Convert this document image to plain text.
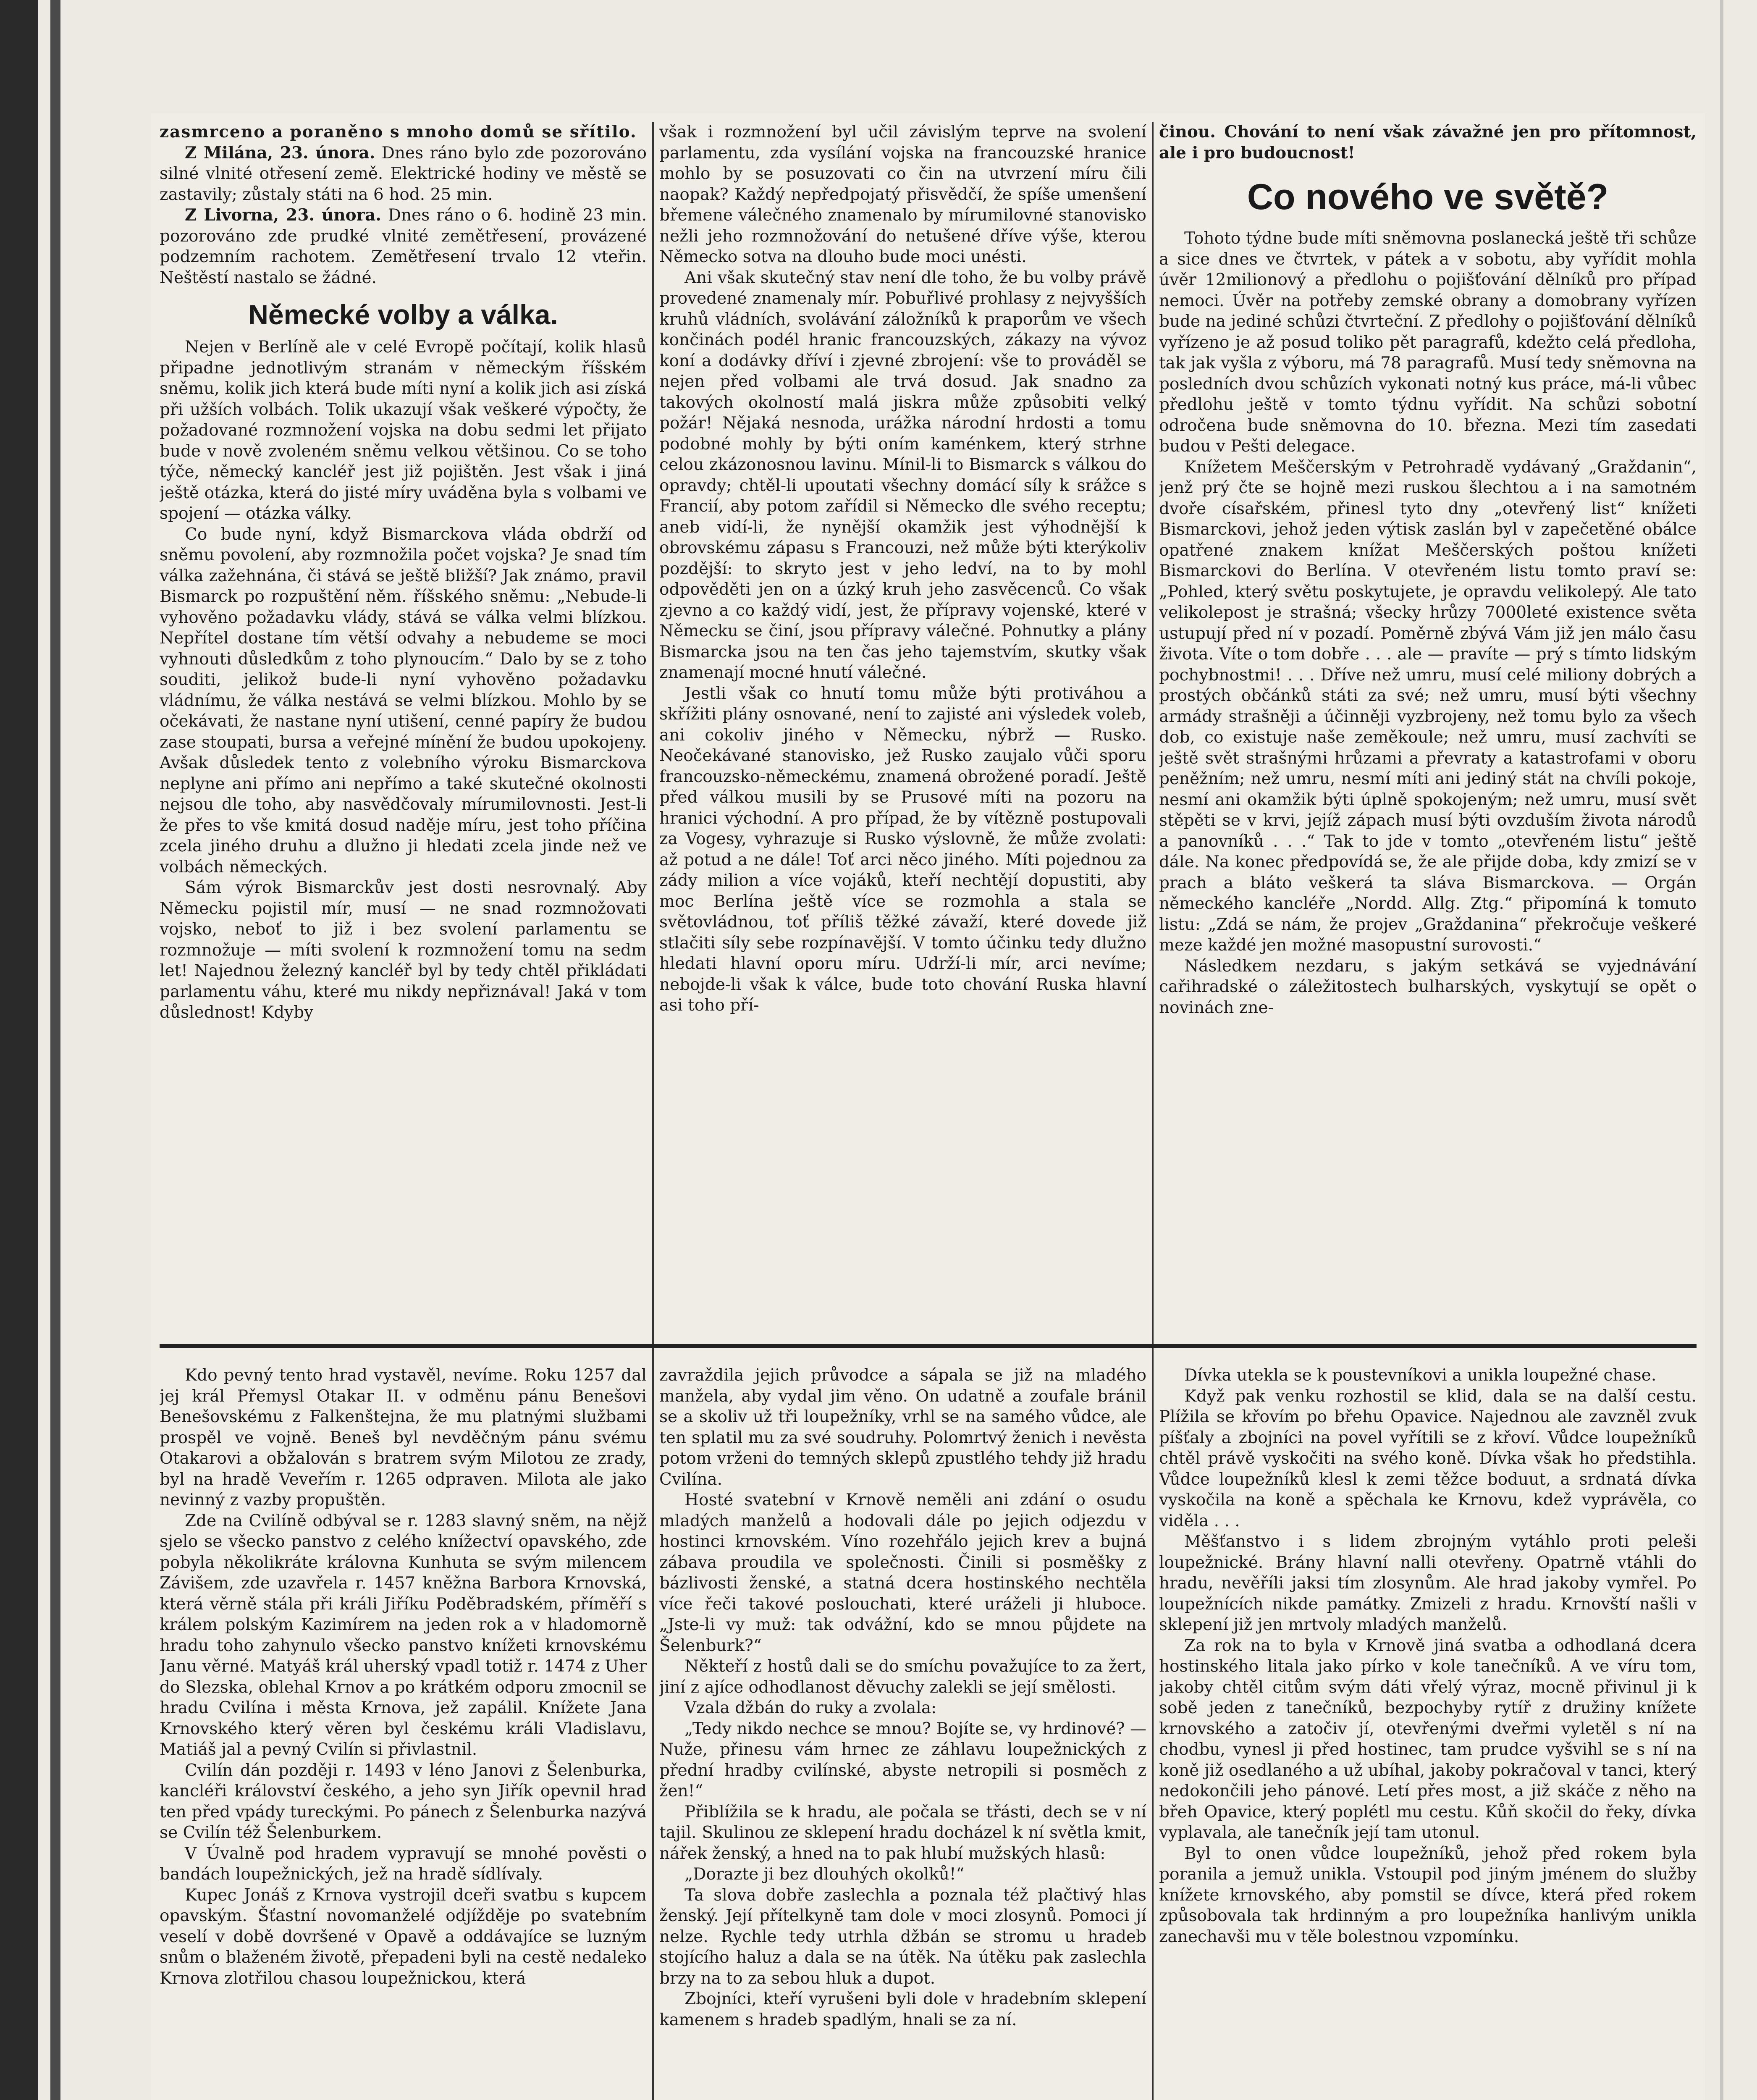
zasmrceno a poraněno s mnoho domů se sřítilo.

Z Milána, 23. února. Dnes ráno bylo zde pozorováno silné vlnité otřesení země. Elektrické hodiny ve městě se zastavily; zůstaly státi na 6 hod. 25 min.

Z Livorna, 23. února. Dnes ráno o 6. hodině 23 min. pozorováno zde prudké vlnité zemětřesení, provázené podzemním rachotem. Zemětřesení trvalo 12 vteřin. Neštěstí nastalo se žádné.

Německé volby a válka.

Nejen v Berlíně ale v celé Evropě počítají, kolik hlasů připadne jednotlivým stranám v německým říšském sněmu, kolik jich která bude míti nyní a kolik jich asi získá při užších volbách. Tolik ukazují však veškeré výpočty, že požadované rozmnožení vojska na dobu sedmi let přijato bude v nově zvoleném sněmu velkou většinou. Co se toho týče, německý kancléř jest již pojištěn. Jest však i jiná ještě otázka, která do jisté míry uváděna byla s volbami ve spojení — otázka války.

Co bude nyní, když Bismarckova vláda obdrží od sněmu povolení, aby rozmnožila počet vojska? Je snad tím válka zažehnána, či stává se ještě bližší? Jak známo, pravil Bismarck po rozpuštění něm. říšského sněmu: „Nebude-li vyhověno požadavku vlády, stává se válka velmi blízkou. Nepřítel dostane tím větší odvahy a nebudeme se moci vyhnouti důsledkům z toho plynoucím.“ Dalo by se z toho souditi, jelikož bude-li nyní vyhověno požadavku vládnímu, že válka nestává se velmi blízkou. Mohlo by se očekávati, že nastane nyní utišení, cenné papíry že budou zase stoupati, bursa a veřejné mínění že budou upokojeny. Avšak důsledek tento z volebního výroku Bismarckova neplyne ani přímo ani nepřímo a také skutečné okolnosti nejsou dle toho, aby nasvědčovaly mírumilovnosti. Jest-li že přes to vše kmitá dosud naděje míru, jest toho příčina zcela jiného druhu a dlužno ji hledati zcela jinde než ve volbách německých.

Sám výrok Bismarckův jest dosti nesrovnalý. Aby Německu pojistil mír, musí — ne snad rozmnožovati vojsko, neboť to již i bez svolení parlamentu se rozmnožuje — míti svolení k rozmnožení tomu na sedm let! Najednou železný kancléř byl by tedy chtěl přikládati parlamentu váhu, které mu nikdy nepřiznával! Jaká v tom důslednost! Kdyby

však i rozmnožení byl učil závislým teprve na svolení parlamentu, zda vysílání vojska na francouzské hranice mohlo by se posuzovati co čin na utvrzení míru čili naopak? Každý nepředpojatý přisvědčí, že spíše umenšení břemene válečného znamenalo by mírumilovné stanovisko nežli jeho rozmnožování do netušené dříve výše, kterou Německo sotva na dlouho bude moci unésti.

Ani však skutečný stav není dle toho, že bu volby právě provedené znamenaly mír. Pobuřlivé prohlasy z nejvyšších kruhů vládních, svolávání záložníků k praporům ve všech končinách podél hranic francouzských, zákazy na vývoz koní a dodávky dříví i zjevné zbrojení: vše to prováděl se nejen před volbami ale trvá dosud. Jak snadno za takových okolností malá jiskra může způsobiti velký požár! Nějaká nesnoda, urážka národní hrdosti a tomu podobné mohly by býti oním kaménkem, který strhne celou zkázonosnou lavinu. Mínil-li to Bismarck s válkou do opravdy; chtěl-li upoutati všechny domácí síly k srážce s Francií, aby potom zařídil si Německo dle svého receptu; aneb vidí-li, že nynější okamžik jest výhodnější k obrovskému zápasu s Francouzi, než může býti kterýkoliv pozdější: to skryto jest v jeho ledví, na to by mohl odpověděti jen on a úzký kruh jeho zasvěcenců. Co však zjevno a co každý vidí, jest, že přípravy vojenské, které v Německu se činí, jsou přípravy válečné. Pohnutky a plány Bismarcka jsou na ten čas jeho tajemstvím, skutky však znamenají mocné hnutí válečné.

Jestli však co hnutí tomu může býti protiváhou a skřížiti plány osnované, není to zajisté ani výsledek voleb, ani cokoliv jiného v Německu, nýbrž — Rusko. Neočekávané stanovisko, jež Rusko zaujalo vůči sporu francouzsko-německému, znamená obrožené poradí. Ještě před válkou musili by se Prusové míti na pozoru na hranici východní. A pro případ, že by vítězně postupovali za Vogesy, vyhrazuje si Rusko výslovně, že může zvolati: až potud a ne dále! Toť arci něco jiného. Míti pojednou za zády milion a více vojáků, kteří nechtějí dopustiti, aby moc Berlína ještě více se rozmohla a stala se světovládnou, toť příliš těžké závaží, které dovede již stlačiti síly sebe rozpínavější. V tomto účinku tedy dlužno hledati hlavní oporu míru. Udrží-li mír, arci nevíme; nebojde-li však k válce, bude toto chování Ruska hlavní asi toho pří-

činou. Chování to není však závažné jen pro přítomnost, ale i pro budoucnost!

Co nového ve světě?

Tohoto týdne bude míti sněmovna poslanecká ještě tři schůze a sice dnes ve čtvrtek, v pátek a v sobotu, aby vyřídit mohla úvěr 12milionový a předlohu o pojišťování dělníků pro případ nemoci. Úvěr na potřeby zemské obrany a domobrany vyřízen bude na jediné schůzi čtvrteční. Z předlohy o pojišťování dělníků vyřízeno je až posud toliko pět paragrafů, kdežto celá předloha, tak jak vyšla z výboru, má 78 paragrafů. Musí tedy sněmovna na posledních dvou schůzích vykonati notný kus práce, má-li vůbec předlohu ještě v tomto týdnu vyřídit. Na schůzi sobotní odročena bude sněmovna do 10. března. Mezi tím zasedati budou v Pešti delegace.

Knížetem Meščerským v Petrohradě vydávaný „Graždanin“, jenž prý čte se hojně mezi ruskou šlechtou a i na samotném dvoře císařském, přinesl tyto dny „otevřený list“ knížeti Bismarckovi, jehož jeden výtisk zaslán byl v zapečetěné obálce opatřené znakem knížat Meščerských poštou knížeti Bismarckovi do Berlína. V otevřeném listu tomto praví se: „Pohled, který světu poskytujete, je opravdu velikolepý. Ale tato velikolepost je strašná; všecky hrůzy 7000leté existence světa ustupují před ní v pozadí. Poměrně zbývá Vám již jen málo času života. Víte o tom dobře . . . ale — pravíte — prý s tímto lidským pochybnostmi! . . . Dříve než umru, musí celé miliony dobrých a prostých občánků státi za své; než umru, musí býti všechny armády strašněji a účinněji vyzbrojeny, než tomu bylo za všech dob, co existuje naše zeměkoule; než umru, musí zachvíti se ještě svět strašnými hrůzami a převraty a katastrofami v oboru peněžním; než umru, nesmí míti ani jediný stát na chvíli pokoje, nesmí ani okamžik býti úplně spokojeným; než umru, musí svět stěpěti se v krvi, jejíž zápach musí býti ovzduším života národů a panovníků . . .“ Tak to jde v tomto „otevřeném listu“ ještě dále. Na konec předpovídá se, že ale přijde doba, kdy zmizí se v prach a bláto veškerá ta sláva Bismarckova. — Orgán německého kancléře „Nordd. Allg. Ztg.“ připomíná k tomuto listu: „Zdá se nám, že projev „Graždanina“ překročuje veškeré meze každé jen možné masopustní surovosti.“

Následkem nezdaru, s jakým setkává se vyjednávání cařihradské o záležitostech bulharských, vyskytují se opět o novinách zne-

Kdo pevný tento hrad vystavěl, nevíme. Roku 1257 dal jej král Přemysl Otakar II. v odměnu pánu Benešovi Benešovskému z Falkenštejna, že mu platnými službami prospěl ve vojně. Beneš byl nevděčným pánu svému Otakarovi a obžalován s bratrem svým Milotou ze zrady, byl na hradě Veveřím r. 1265 odpraven. Milota ale jako nevinný z vazby propuštěn.

Zde na Cvilíně odbýval se r. 1283 slavný sněm, na nějž sjelo se všecko panstvo z celého knížectví opavského, zde pobyla několikráte královna Kunhuta se svým milencem Závišem, zde uzavřela r. 1457 kněžna Barbora Krnovská, která věrně stála při králi Jiříku Poděbradském, příměří s králem polským Kazimírem na jeden rok a v hladomorně hradu toho zahynulo všecko panstvo knížeti krnovskému Janu věrné. Matyáš král uherský vpadl totiž r. 1474 z Uher do Slezska, oblehal Krnov a po krátkém odporu zmocnil se hradu Cvilína i města Krnova, jež zapálil. Knížete Jana Krnovského který věren byl českému králi Vladislavu, Matiáš jal a pevný Cvilín si přivlastnil.

Cvilín dán později r. 1493 v léno Janovi z Šelenburka, kancléři království českého, a jeho syn Jiřík opevnil hrad ten před vpády tureckými. Po pánech z Šelenburka nazývá se Cvilín též Šelenburkem.

V Úvalně pod hradem vypravují se mnohé pověsti o bandách loupežnických, jež na hradě sídlívaly.

Kupec Jonáš z Krnova vystrojil dceři svatbu s kupcem opavským. Šťastní novomanželé odjížděje po svatebním veselí v době dovršené v Opavě a oddávajíce se luzným snům o blaženém životě, přepadeni byli na cestě nedaleko Krnova zlotřilou chasou loupežnickou, která

zavraždila jejich průvodce a sápala se již na mladého manžela, aby vydal jim věno. On udatně a zoufale bránil se a skoliv už tři loupežníky, vrhl se na samého vůdce, ale ten splatil mu za své soudruhy. Polomrtvý ženich i nevěsta potom vrženi do temných sklepů zpustlého tehdy již hradu Cvilína.

Hosté svatební v Krnově neměli ani zdání o osudu mladých manželů a hodovali dále po jejich odjezdu v hostinci krnovském. Víno rozehřálo jejich krev a bujná zábava proudila ve společnosti. Činili si posměšky z bázlivosti ženské, a statná dcera hostinského nechtěla více řeči takové poslouchati, které uráželi ji hluboce. „Jste-li vy muž: tak odvážní, kdo se mnou půjdete na Šelenburk?“

Někteří z hostů dali se do smíchu považujíce to za žert, jiní z ajíce odhodlanost děvuchy zalekli se její smělosti.

Vzala džbán do ruky a zvolala:

„Tedy nikdo nechce se mnou? Bojíte se, vy hrdinové? — Nuže, přinesu vám hrnec ze záhlavu loupežnických z přední hradby cvilínské, abyste netropili si posměch z žen!“

Přiblížila se k hradu, ale počala se třásti, dech se v ní tajil. Skulinou ze sklepení hradu docházel k ní světla kmit, nářek ženský, a hned na to pak hlubí mužských hlasů:

„Dorazte ji bez dlouhých okolků!“

Ta slova dobře zaslechla a poznala též plačtivý hlas ženský. Její přítelkyně tam dole v moci zlosynů. Pomoci jí nelze. Rychle tedy utrhla džbán se stromu u hradeb stojícího haluz a dala se na útěk. Na útěku pak zaslechla brzy na to za sebou hluk a dupot.

Zbojníci, kteří vyrušeni byli dole v hradebním sklepení kamenem s hradeb spadlým, hnali se za ní.

Dívka utekla se k poustevníkovi a unikla loupežné chase.

Když pak venku rozhostil se klid, dala se na další cestu. Plížila se křovím po břehu Opavice. Najednou ale zavzněl zvuk píšťaly a zbojníci na povel vyřítili se z křoví. Vůdce loupežníků chtěl právě vyskočiti na svého koně. Dívka však ho předstihla. Vůdce loupežníků klesl k zemi těžce boduut, a srdnatá dívka vyskočila na koně a spěchala ke Krnovu, kdež vyprávěla, co viděla . . .

Měšťanstvo i s lidem zbrojným vytáhlo proti peleši loupežnické. Brány hlavní nalli otevřeny. Opatrně vtáhli do hradu, nevěříli jaksi tím zlosynům. Ale hrad jakoby vymřel. Po loupežnících nikde památky. Zmizeli z hradu. Krnovští našli v sklepení již jen mrtvoly mladých manželů.

Za rok na to byla v Krnově jiná svatba a odhodlaná dcera hostinského litala jako pírko v kole tanečníků. A ve víru tom, jakoby chtěl citům svým dáti vřelý výraz, mocně přivinul ji k sobě jeden z tanečníků, bezpochyby rytíř z družiny knížete krnovského a zatočiv jí, otevřenými dveřmi vyletěl s ní na chodbu, vynesl ji před hostinec, tam prudce vyšvihl se s ní na koně již osedlaného a už ubíhal, jakoby pokračoval v tanci, který nedokončili jeho pánové. Letí přes most, a již skáče z něho na břeh Opavice, který poplétl mu cestu. Kůň skočil do řeky, dívka vyplavala, ale tanečník její tam utonul.

Byl to onen vůdce loupežníků, jehož před rokem byla poranila a jemuž unikla. Vstoupil pod jiným jménem do služby knížete krnovského, aby pomstil se dívce, která před rokem způsobovala tak hrdinným a pro loupežníka hanlivým unikla zanechavši mu v těle bolestnou vzpomínku.
